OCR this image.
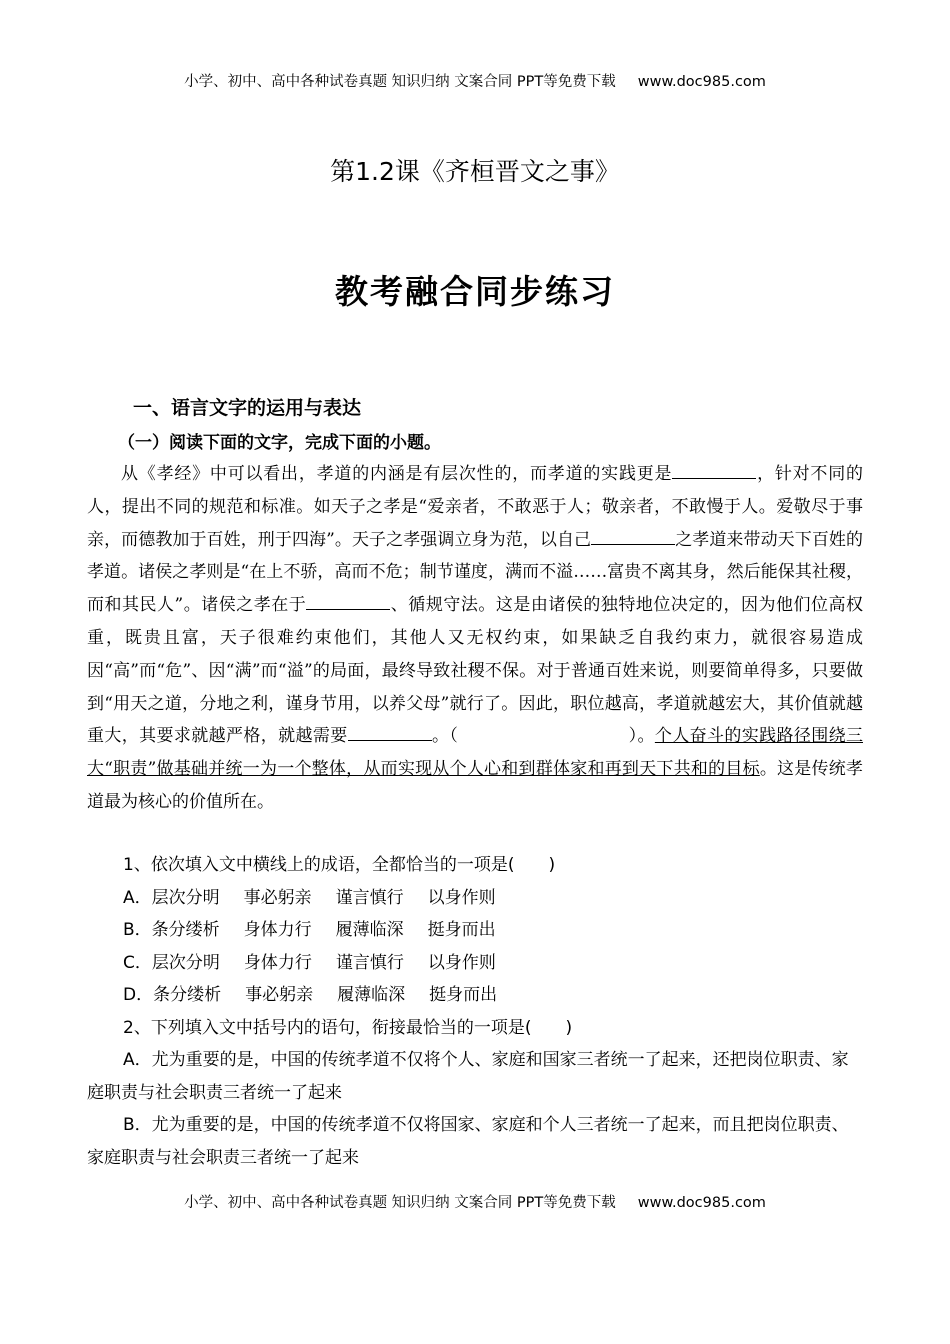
小学、初中、高中各种试卷真题 知识归纳 文案合同 PPT等免费下载 www.doc985.com
第1.2课《齐桓晋文之事》
教考融合同步练习
一、语言文字的运用与表达
（一）阅读下面的文字，完成下面的小题。

从《孝经》中可以看出，孝道的内涵是有层次性的，而孝道的实践更是	，针对不同的人，提出不同的规范和标准。如天子之孝是“爱亲者，不敢恶于人；敬亲者，不敢慢于人。爱敬尽于事亲，而德教加于百姓，刑于四海”。天子之孝强调立身为范，以自己	之孝道来带动天下百姓的孝道。诸侯之孝则是“在上不骄，高而不危；制节谨度，满而不溢……富贵不离其身，然后能保其社稷，而和其民人”。诸侯之孝在于	、循规守法。这是由诸侯的独特地位决定的，因为他们位高权重，既贵且富，天子很难约束他们，其他人又无权约束，如果缺乏自我约束力，就很容易造成因“高”而“危”、因“满”而“溢”的局面，最终导致社稷不保。对于普通百姓来说，则要简单得多，只要做到“用天之道，分地之利，谨身节用，以养父母”就行了。因此，职位越高，孝道就越宏大，其价值就越重大，其要求就越严格，就越需要	。（	）。个人奋斗的实践路径围绕三大“职责”做基础并统一为一个整体，从而实现从个人心和到群体家和再到天下共和的目标。这是传统孝道最为核心的价值所在。

1、依次填入文中横线上的成语，全都恰当的一项是(　　)
A．层次分明 事必躬亲 谨言慎行 以身作则
B．条分缕析 身体力行 履薄临深 挺身而出
C．层次分明 身体力行 谨言慎行 以身作则
D．条分缕析 事必躬亲 履薄临深 挺身而出
2、下列填入文中括号内的语句，衔接最恰当的一项是(　　)
A．尤为重要的是，中国的传统孝道不仅将个人、家庭和国家三者统一了起来，还把岗位职责、家庭职责与社会职责三者统一了起来
B．尤为重要的是，中国的传统孝道不仅将国家、家庭和个人三者统一了起来，而且把岗位职责、家庭职责与社会职责三者统一了起来
小学、初中、高中各种试卷真题 知识归纳 文案合同 PPT等免费下载 www.doc985.com
